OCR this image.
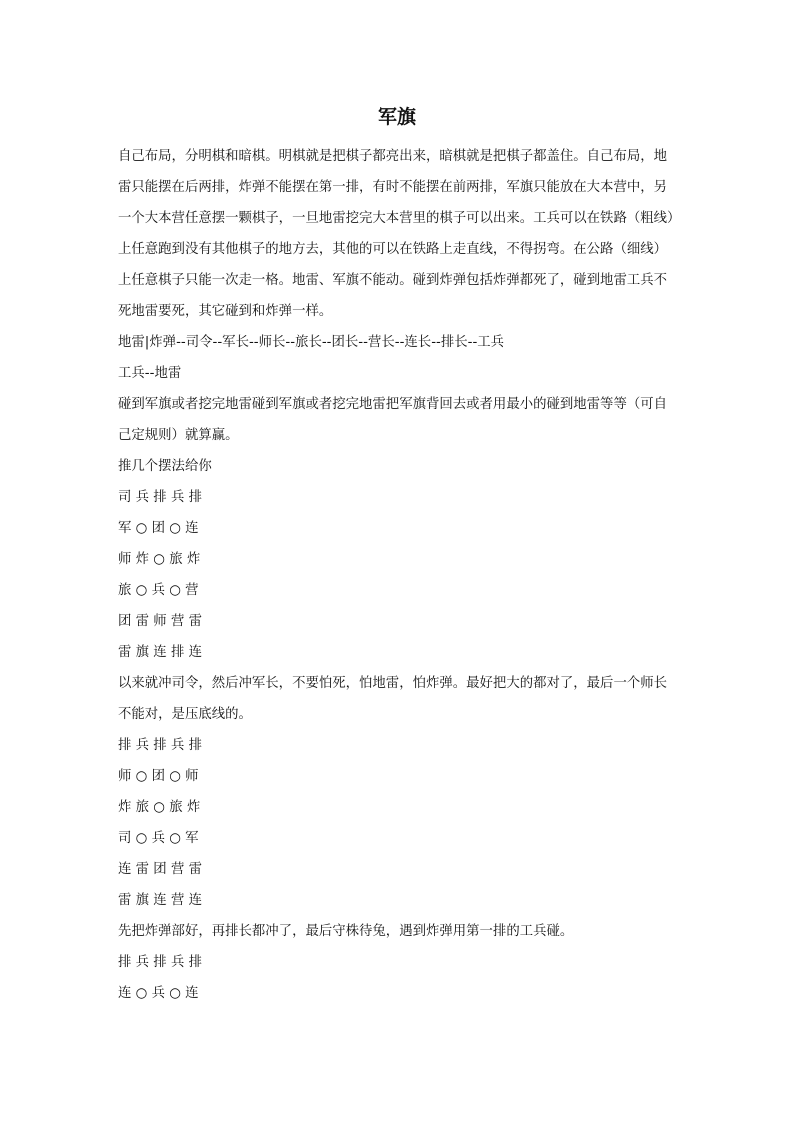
军旗

自己布局，分明棋和暗棋。明棋就是把棋子都亮出来，暗棋就是把棋子都盖住。自己布局，地雷只能摆在后两排，炸弹不能摆在第一排，有时不能摆在前两排，军旗只能放在大本营中，另一个大本营任意摆一颗棋子，一旦地雷挖完大本营里的棋子可以出来。工兵可以在铁路（粗线）上任意跑到没有其他棋子的地方去，其他的可以在铁路上走直线，不得拐弯。在公路（细线）上任意棋子只能一次走一格。地雷、军旗不能动。碰到炸弹包括炸弹都死了，碰到地雷工兵不死地雷要死，其它碰到和炸弹一样。

地雷|炸弹--司令--军长--师长--旅长--团长--营长--连长--排长--工兵

工兵--地雷

碰到军旗或者挖完地雷碰到军旗或者挖完地雷把军旗背回去或者用最小的碰到地雷等等（可自己定规则）就算赢。

推几个摆法给你

司 兵 排 兵 排

军 ○ 团 ○ 连

师 炸 ○ 旅 炸

旅 ○ 兵 ○ 营

团 雷 师 营 雷

雷 旗 连 排 连

以来就冲司令，然后冲军长，不要怕死，怕地雷，怕炸弹。最好把大的都对了，最后一个师长不能对，是压底线的。

排 兵 排 兵 排

师 ○ 团 ○ 师

炸 旅 ○ 旅 炸

司 ○ 兵 ○ 军

连 雷 团 营 雷

雷 旗 连 营 连

先把炸弹部好，再排长都冲了，最后守株待兔，遇到炸弹用第一排的工兵碰。

排 兵 排 兵 排

连 ○ 兵 ○ 连
